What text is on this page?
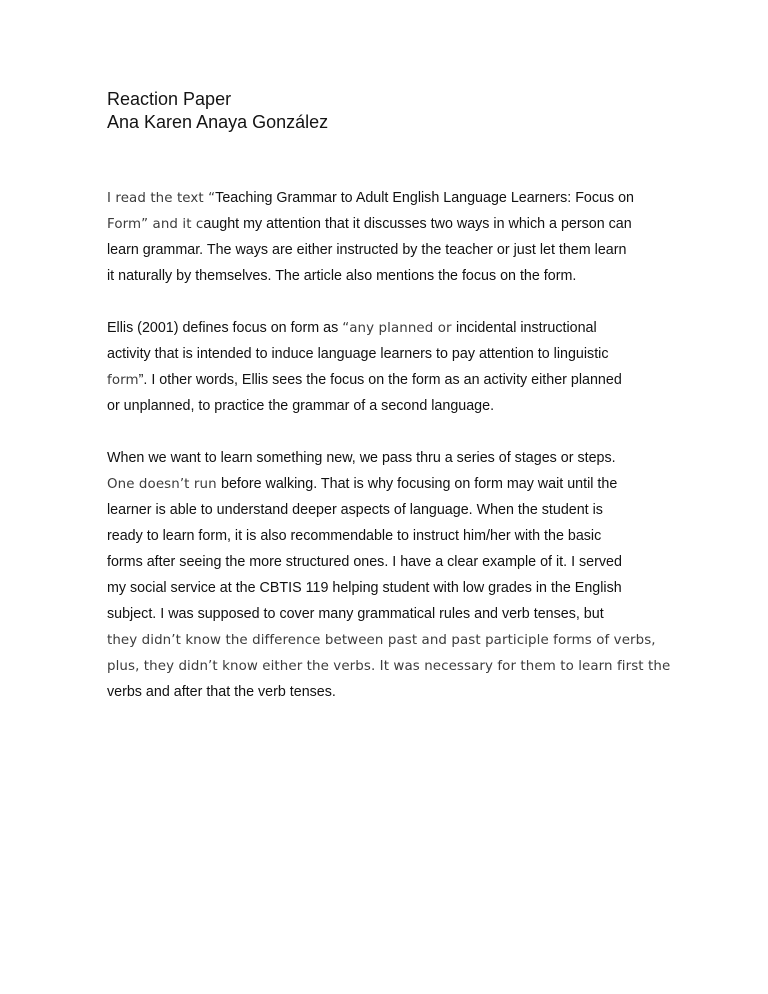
Reaction Paper
Ana Karen Anaya González
I read the text “Teaching Grammar to Adult English Language Learners: Focus on
Form” and it caught my attention that it discusses two ways in which a person can
learn grammar. The ways are either instructed by the teacher or just let them learn
it naturally by themselves. The article also mentions the focus on the form.
Ellis (2001) defines focus on form as “any planned or incidental instructional
activity that is intended to induce language learners to pay attention to linguistic
form”. I other words, Ellis sees the focus on the form as an activity either planned
or unplanned, to practice the grammar of a second language.
When we want to learn something new, we pass thru a series of stages or steps.
One doesn’t run before walking. That is why focusing on form may wait until the
learner is able to understand deeper aspects of language. When the student is
ready to learn form, it is also recommendable to instruct him/her with the basic
forms after seeing the more structured ones. I have a clear example of it. I served
my social service at the CBTIS 119 helping student with low grades in the English
subject. I was supposed to cover many grammatical rules and verb tenses, but
they didn’t know the difference between past and past participle forms of verbs,
plus, they didn’t know either the verbs. It was necessary for them to learn first the
verbs and after that the verb tenses.
